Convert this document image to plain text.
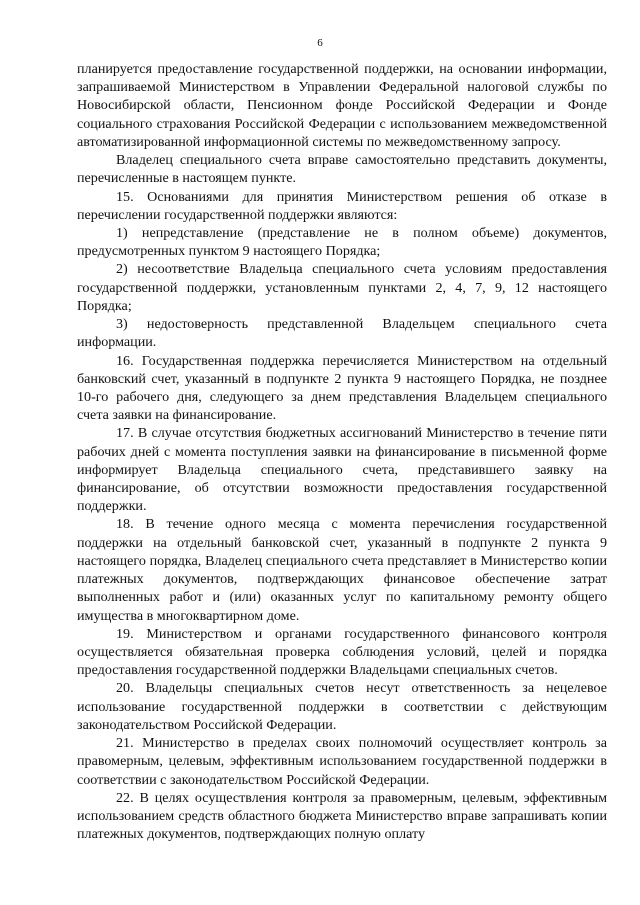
6

планируется предоставление государственной поддержки, на основании информации, запрашиваемой Министерством в Управлении Федеральной налоговой службы по Новосибирской области, Пенсионном фонде Российской Федерации и Фонде социального страхования Российской Федерации с использованием межведомственной автоматизированной информационной системы по межведомственному запросу.

Владелец специального счета вправе самостоятельно представить документы, перечисленные в настоящем пункте.

15. Основаниями для принятия Министерством решения об отказе в перечислении государственной поддержки являются:

1) непредставление (представление не в полном объеме) документов, предусмотренных пунктом 9 настоящего Порядка;

2) несоответствие Владельца специального счета условиям предоставления государственной поддержки, установленным пунктами 2, 4, 7, 9, 12 настоящего Порядка;

3) недостоверность представленной Владельцем специального счета информации.

16. Государственная поддержка перечисляется Министерством на отдельный банковский счет, указанный в подпункте 2 пункта 9 настоящего Порядка, не позднее 10-го рабочего дня, следующего за днем представления Владельцем специального счета заявки на финансирование.

17. В случае отсутствия бюджетных ассигнований Министерство в течение пяти рабочих дней с момента поступления заявки на финансирование в письменной форме информирует Владельца специального счета, представившего заявку на финансирование, об отсутствии возможности предоставления государственной поддержки.

18. В течение одного месяца с момента перечисления государственной поддержки на отдельный банковской счет, указанный в подпункте 2 пункта 9 настоящего порядка, Владелец специального счета представляет в Министерство копии платежных документов, подтверждающих финансовое обеспечение затрат выполненных работ и (или) оказанных услуг по капитальному ремонту общего имущества в многоквартирном доме.

19. Министерством и органами государственного финансового контроля осуществляется обязательная проверка соблюдения условий, целей и порядка предоставления государственной поддержки Владельцами специальных счетов.

20. Владельцы специальных счетов несут ответственность за нецелевое использование государственной поддержки в соответствии с действующим законодательством Российской Федерации.

21. Министерство в пределах своих полномочий осуществляет контроль за правомерным, целевым, эффективным использованием государственной поддержки в соответствии с законодательством Российской Федерации.

22. В целях осуществления контроля за правомерным, целевым, эффективным использованием средств областного бюджета Министерство вправе запрашивать копии платежных документов, подтверждающих полную оплату
